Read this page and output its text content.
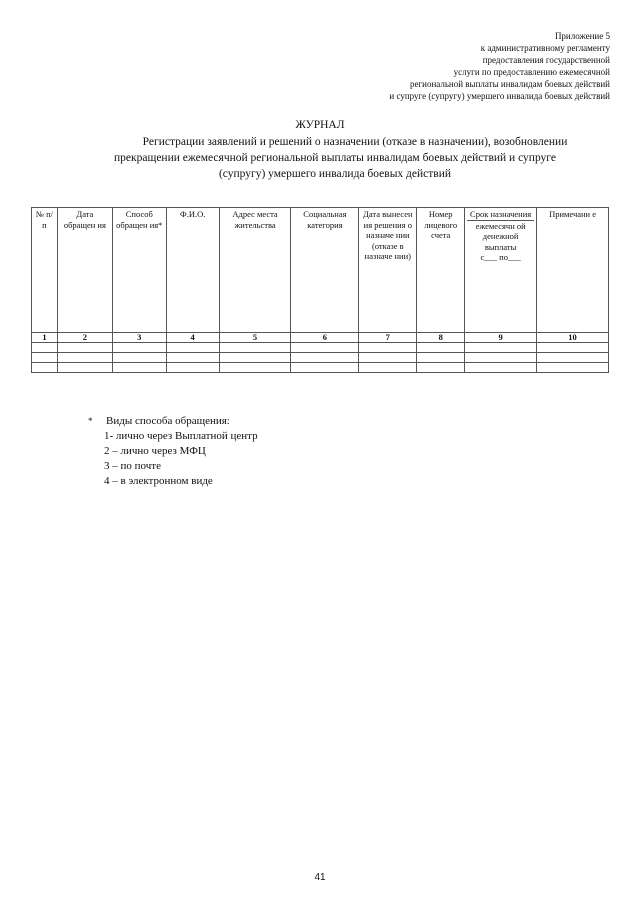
Приложение 5
к административному регламенту
предоставления государственной
услуги по предоставлению ежемесячной
региональной выплаты инвалидам боевых действий
и супруге (супругу) умершего инвалида боевых действий
ЖУРНАЛ
Регистрации заявлений и решений о назначении (отказе в назначении), возобновлении
прекращении ежемесячной региональной выплаты инвалидам боевых действий и супруге
(супругу) умершего инвалида боевых действий
№ п/п	Дата обращен ия	Способ обращен ия*	Ф.И.О.	Адрес места жительства	Социальная категория	Дата вынесен ия решения о назначе нии (отказе в назначе нии)	Номер лицевого счета	Срок назначения
ежемесячн ой денежной выплаты
с___ по___	Примечани е
1	2	3	4	5	6	7	8	9	10

* Виды способа обращения:
1- лично через Выплатной центр
2 – лично через МФЦ
3 – по почте
4 – в электронном виде
41
